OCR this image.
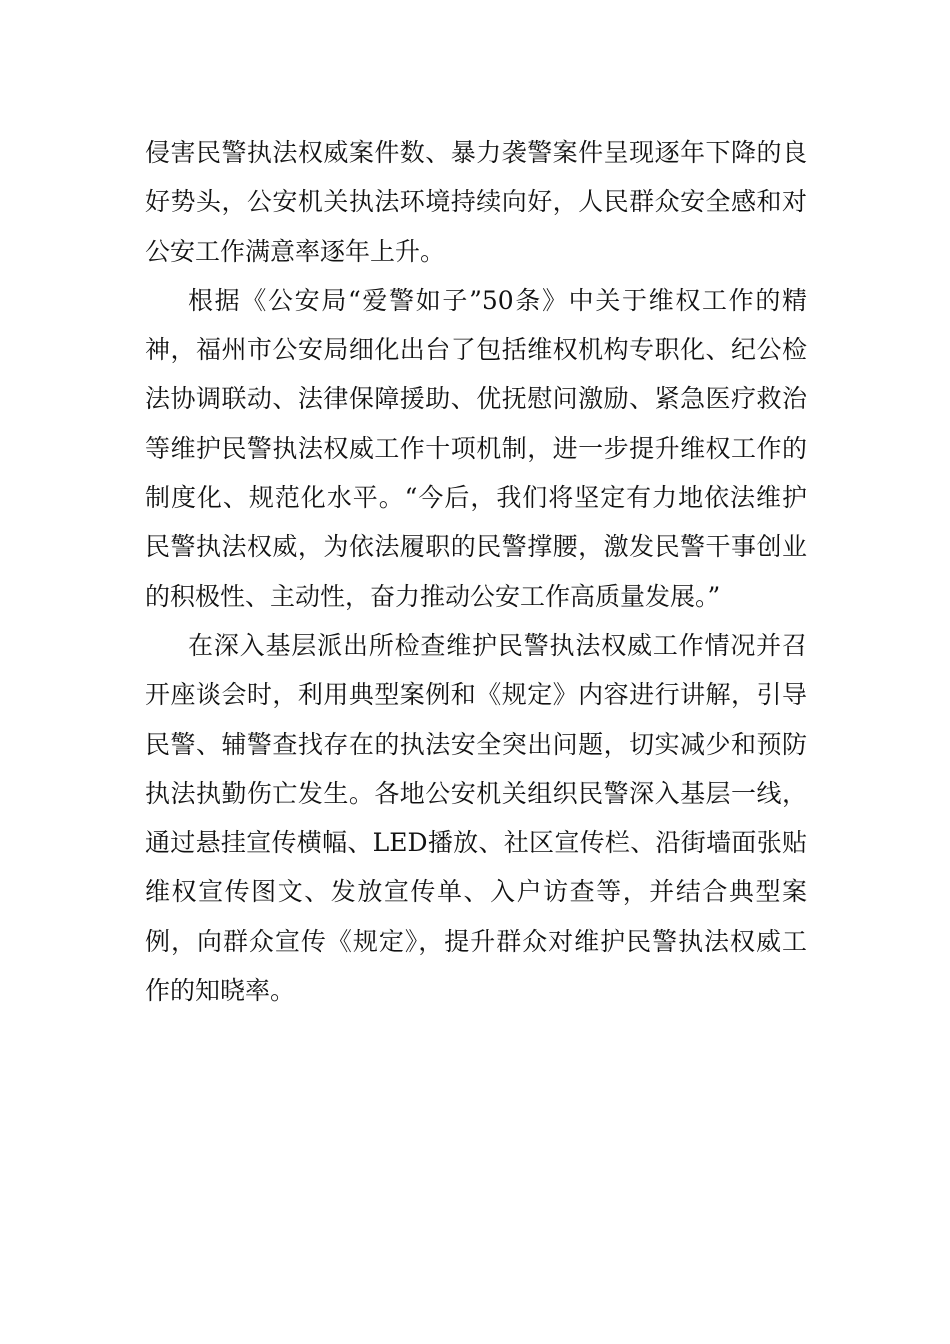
侵害民警执法权威案件数、暴力袭警案件呈现逐年下降的良好势头，公安机关执法环境持续向好，人民群众安全感和对公安工作满意率逐年上升。

根据《公安局“爱警如子”50条》中关于维权工作的精神，福州市公安局细化出台了包括维权机构专职化、纪公检法协调联动、法律保障援助、优抚慰问激励、紧急医疗救治等维护民警执法权威工作十项机制，进一步提升维权工作的制度化、规范化水平。“今后，我们将坚定有力地依法维护民警执法权威，为依法履职的民警撑腰，激发民警干事创业的积极性、主动性，奋力推动公安工作高质量发展。”

在深入基层派出所检查维护民警执法权威工作情况并召开座谈会时，利用典型案例和《规定》内容进行讲解，引导民警、辅警查找存在的执法安全突出问题，切实减少和预防执法执勤伤亡发生。各地公安机关组织民警深入基层一线，通过悬挂宣传横幅、LED播放、社区宣传栏、沿街墙面张贴维权宣传图文、发放宣传单、入户访查等，并结合典型案例，向群众宣传《规定》，提升群众对维护民警执法权威工作的知晓率。
